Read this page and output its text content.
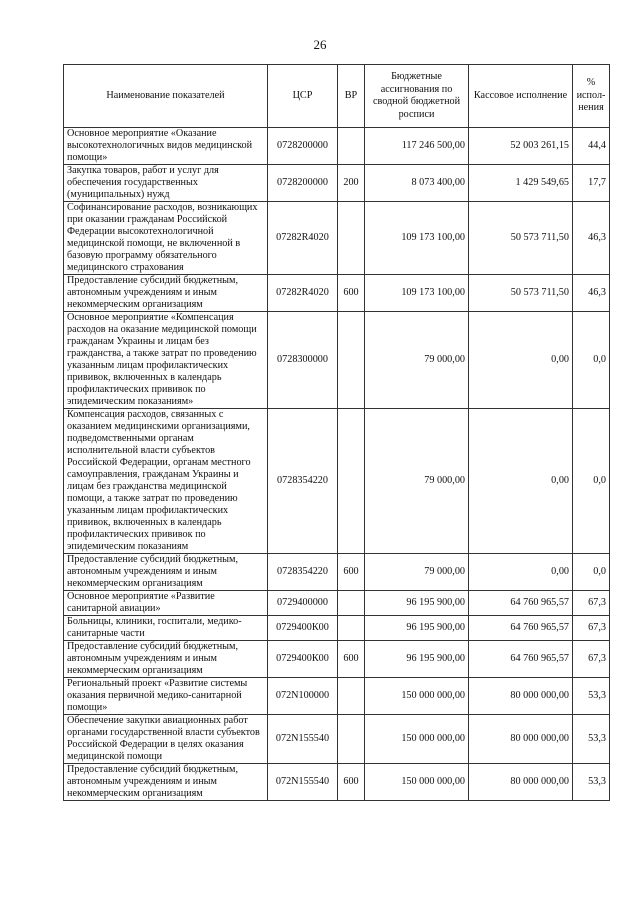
26
Наименование показателей	ЦСР	ВР	Бюджетные ассигнования по сводной бюджетной росписи	Кассовое исполнение	% испол-нения
Основное мероприятие «Оказание высокотехнологичных видов медицинской помощи»	0728200000		117 246 500,00	52 003 261,15	44,4
Закупка товаров, работ и услуг для обеспечения государственных (муниципальных) нужд	0728200000	200	8 073 400,00	1 429 549,65	17,7
Софинансирование расходов, возникающих при оказании гражданам Российской Федерации высокотехнологичной медицинской помощи, не включенной в базовую программу обязательного медицинского страхования	07282R4020		109 173 100,00	50 573 711,50	46,3
Предоставление субсидий бюджетным, автономным учреждениям и иным некоммерческим организациям	07282R4020	600	109 173 100,00	50 573 711,50	46,3
Основное мероприятие «Компенсация расходов на оказание медицинской помощи гражданам Украины и лицам без гражданства, а также затрат по проведению указанным лицам профилактических прививок, включенных в календарь профилактических прививок по эпидемическим показаниям»	0728300000		79 000,00	0,00	0,0
Компенсация расходов, связанных с оказанием медицинскими организациями, подведомственными органам исполнительной власти субъектов Российской Федерации, органам местного самоуправления, гражданам Украины и лицам без гражданства медицинской помощи, а также затрат по проведению указанным лицам профилактических прививок, включенных в календарь профилактических прививок по эпидемическим показаниям	0728354220		79 000,00	0,00	0,0
Предоставление субсидий бюджетным, автономным учреждениям и иным некоммерческим организациям	0728354220	600	79 000,00	0,00	0,0
Основное мероприятие «Развитие санитарной авиации»	0729400000		96 195 900,00	64 760 965,57	67,3
Больницы, клиники, госпитали, медико-санитарные части	0729400К00		96 195 900,00	64 760 965,57	67,3
Предоставление субсидий бюджетным, автономным учреждениям и иным некоммерческим организациям	0729400К00	600	96 195 900,00	64 760 965,57	67,3
Региональный проект «Развитие системы оказания первичной медико-санитарной помощи»	072N100000		150 000 000,00	80 000 000,00	53,3
Обеспечение закупки авиационных работ органами государственной власти субъектов Российской Федерации в целях оказания медицинской помощи	072N155540		150 000 000,00	80 000 000,00	53,3
Предоставление субсидий бюджетным, автономным учреждениям и иным некоммерческим организациям	072N155540	600	150 000 000,00	80 000 000,00	53,3
